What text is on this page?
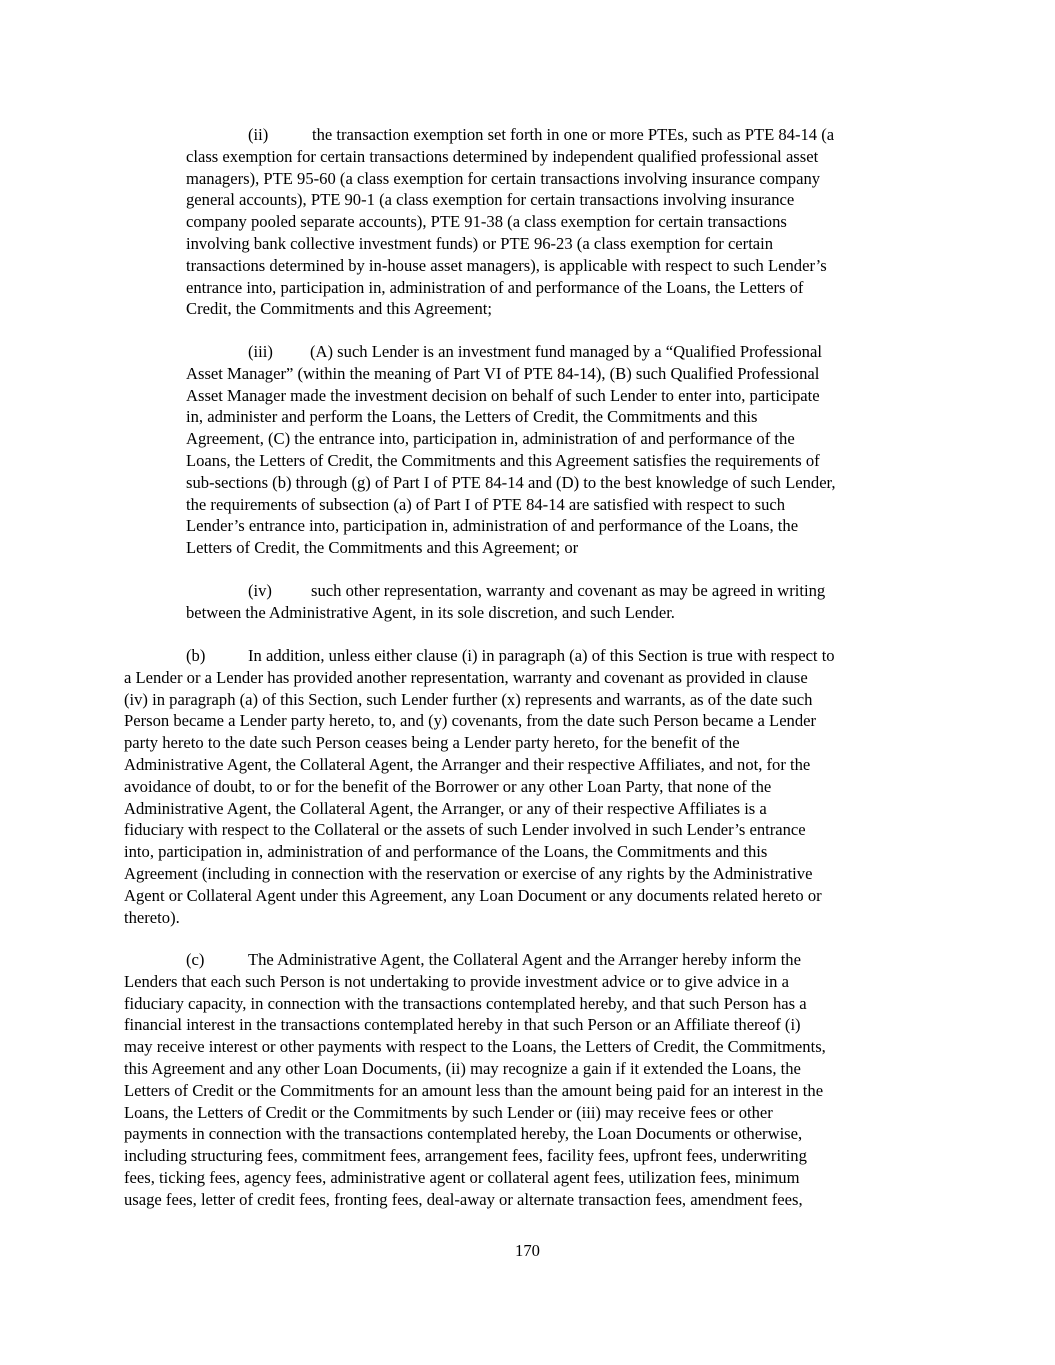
(ii)	the transaction exemption set forth in one or more PTEs, such as PTE 84-14 (a
class exemption for certain transactions determined by independent qualified professional asset
managers), PTE 95-60 (a class exemption for certain transactions involving insurance company
general accounts), PTE 90-1 (a class exemption for certain transactions involving insurance
company pooled separate accounts), PTE 91-38 (a class exemption for certain transactions
involving bank collective investment funds) or PTE 96-23 (a class exemption for certain
transactions determined by in-house asset managers), is applicable with respect to such Lender’s
entrance into, participation in, administration of and performance of the Loans, the Letters of
Credit, the Commitments and this Agreement;
(iii) (A) such Lender is an investment fund managed by a “Qualified Professional
Asset Manager” (within the meaning of Part VI of PTE 84-14), (B) such Qualified Professional
Asset Manager made the investment decision on behalf of such Lender to enter into, participate
in, administer and perform the Loans, the Letters of Credit, the Commitments and this
Agreement, (C) the entrance into, participation in, administration of and performance of the
Loans, the Letters of Credit, the Commitments and this Agreement satisfies the requirements of
sub-sections (b) through (g) of Part I of PTE 84-14 and (D) to the best knowledge of such Lender,
the requirements of subsection (a) of Part I of PTE 84-14 are satisfied with respect to such
Lender’s entrance into, participation in, administration of and performance of the Loans, the
Letters of Credit, the Commitments and this Agreement; or
(iv) such other representation, warranty and covenant as may be agreed in writing
between the Administrative Agent, in its sole discretion, and such Lender.
(b)	In addition, unless either clause (i) in paragraph (a) of this Section is true with respect to
a Lender or a Lender has provided another representation, warranty and covenant as provided in clause
(iv) in paragraph (a) of this Section, such Lender further (x) represents and warrants, as of the date such
Person became a Lender party hereto, to, and (y) covenants, from the date such Person became a Lender
party hereto to the date such Person ceases being a Lender party hereto, for the benefit of the
Administrative Agent, the Collateral Agent, the Arranger and their respective Affiliates, and not, for the
avoidance of doubt, to or for the benefit of the Borrower or any other Loan Party, that none of the
Administrative Agent, the Collateral Agent, the Arranger, or any of their respective Affiliates is a
fiduciary with respect to the Collateral or the assets of such Lender involved in such Lender’s entrance
into, participation in, administration of and performance of the Loans, the Commitments and this
Agreement (including in connection with the reservation or exercise of any rights by the Administrative
Agent or Collateral Agent under this Agreement, any Loan Document or any documents related hereto or
thereto).
(c)	The Administrative Agent, the Collateral Agent and the Arranger hereby inform the
Lenders that each such Person is not undertaking to provide investment advice or to give advice in a
fiduciary capacity, in connection with the transactions contemplated hereby, and that such Person has a
financial interest in the transactions contemplated hereby in that such Person or an Affiliate thereof (i)
may receive interest or other payments with respect to the Loans, the Letters of Credit, the Commitments,
this Agreement and any other Loan Documents, (ii) may recognize a gain if it extended the Loans, the
Letters of Credit or the Commitments for an amount less than the amount being paid for an interest in the
Loans, the Letters of Credit or the Commitments by such Lender or (iii) may receive fees or other
payments in connection with the transactions contemplated hereby, the Loan Documents or otherwise,
including structuring fees, commitment fees, arrangement fees, facility fees, upfront fees, underwriting
fees, ticking fees, agency fees, administrative agent or collateral agent fees, utilization fees, minimum
usage fees, letter of credit fees, fronting fees, deal-away or alternate transaction fees, amendment fees,
170
